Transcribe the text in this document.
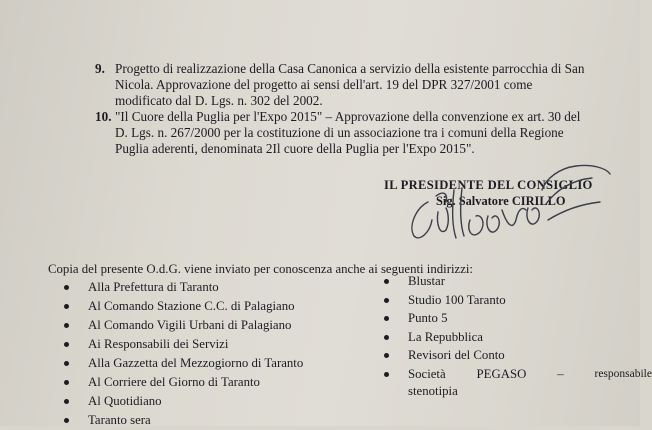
9. Progetto di realizzazione della Casa Canonica a servizio della esistente parrocchia di San
Nicola. Approvazione del progetto ai sensi dell'art. 19 del DPR 327/2001 come
modificato dal D. Lgs. n. 302 del 2002.
10. "Il Cuore della Puglia per l'Expo 2015" – Approvazione della convenzione ex art. 30 del
D. Lgs. n. 267/2000 per la costituzione di un associazione tra i comuni della Regione
Puglia aderenti, denominata 2Il cuore della Puglia per l'Expo 2015".
IL PRESIDENTE DEL CONSIGLIO
Sig. Salvatore CIRILLO
Copia del presente O.d.G. viene inviato per conoscenza anche ai seguenti indirizzi:
Alla Prefettura di Taranto
Al Comando Stazione C.C. di Palagiano
Al Comando Vigili Urbani di Palagiano
Ai Responsabili dei Servizi
Alla Gazzetta del Mezzogiorno di Taranto
Al Corriere del Giorno di Taranto
Al Quotidiano
Taranto sera
Blustar
Studio 100 Taranto
Punto 5
La Repubblica
Revisori del Conto
Società PEGASO –	responsabile
stenotipia
